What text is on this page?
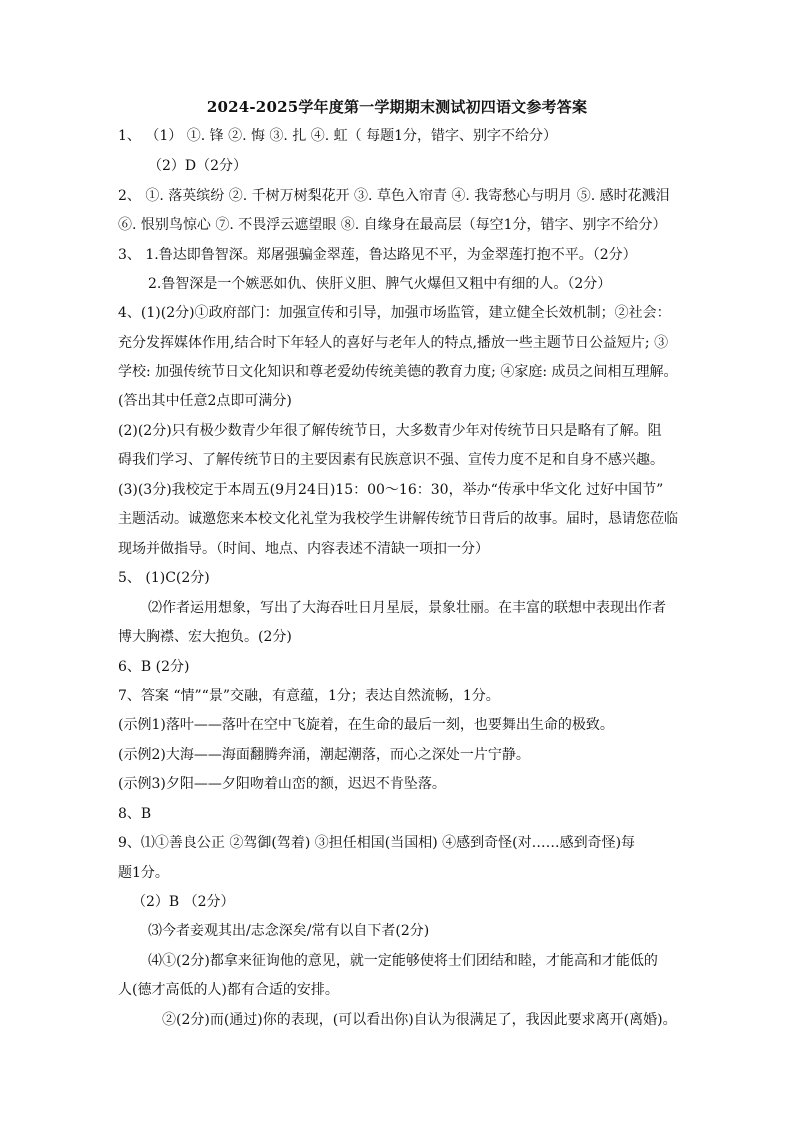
2024-2025学年度第一学期期末测试初四语文参考答案
1、 （1） ①. 锋 ②. 悔 ③. 扎 ④. 虹（ 每题1分，错字、别字不给分）
（2）D（2分）
2、 ①. 落英缤纷 ②. 千树万树梨花开 ③. 草色入帘青 ④. 我寄愁心与明月 ⑤. 感时花溅泪
⑥. 恨别鸟惊心 ⑦. 不畏浮云遮望眼 ⑧. 自缘身在最高层（每空1分，错字、别字不给分）
3、 1.鲁达即鲁智深。郑屠强骗金翠莲，鲁达路见不平，为金翠莲打抱不平。（2分）
2.鲁智深是一个嫉恶如仇、侠肝义胆、脾气火爆但又粗中有细的人。（2分）
4、(1)(2分)①政府部门：加强宣传和引导，加强市场监管，建立健全长效机制；②社会：
充分发挥媒体作用,结合时下年轻人的喜好与老年人的特点,播放一些主题节日公益短片; ③
学校: 加强传统节日文化知识和尊老爱幼传统美德的教育力度; ④家庭: 成员之间相互理解。
(答出其中任意2点即可满分)
(2)(2分)只有极少数青少年很了解传统节日，大多数青少年对传统节日只是略有了解。阻
碍我们学习、了解传统节日的主要因素有民族意识不强、宣传力度不足和自身不感兴趣。
(3)(3分)我校定于本周五(9月24日)15：00～16：30，举办“传承中华文化 过好中国节”
主题活动。诚邀您来本校文化礼堂为我校学生讲解传统节日背后的故事。届时，恳请您莅临
现场并做指导。（时间、地点、内容表述不清缺一项扣一分）
5、 (1)C(2分)
⑵作者运用想象，写出了大海吞吐日月星辰，景象壮丽。在丰富的联想中表现出作者
博大胸襟、宏大抱负。(2分)
6、B (2分)
7、答案 “情”“景”交融，有意蕴，1分；表达自然流畅，1分。
(示例1)落叶——落叶在空中飞旋着，在生命的最后一刻，也要舞出生命的极致。
(示例2)大海——海面翻腾奔涌，潮起潮落，而心之深处一片宁静。
(示例3)夕阳——夕阳吻着山峦的额，迟迟不肯坠落。
8、B
9、⑴①善良公正 ②驾御(驾着) ③担任相国(当国相) ④感到奇怪(对……感到奇怪)每
题1分。
（2）B （2分）
⑶今者妾观其出/志念深矣/常有以自下者(2分)
⑷①(2分)都拿来征询他的意见，就一定能够使将士们团结和睦，才能高和才能低的
人(德才高低的人)都有合适的安排。
②(2分)而(通过)你的表现，(可以看出你)自认为很满足了，我因此要求离开(离婚)。
